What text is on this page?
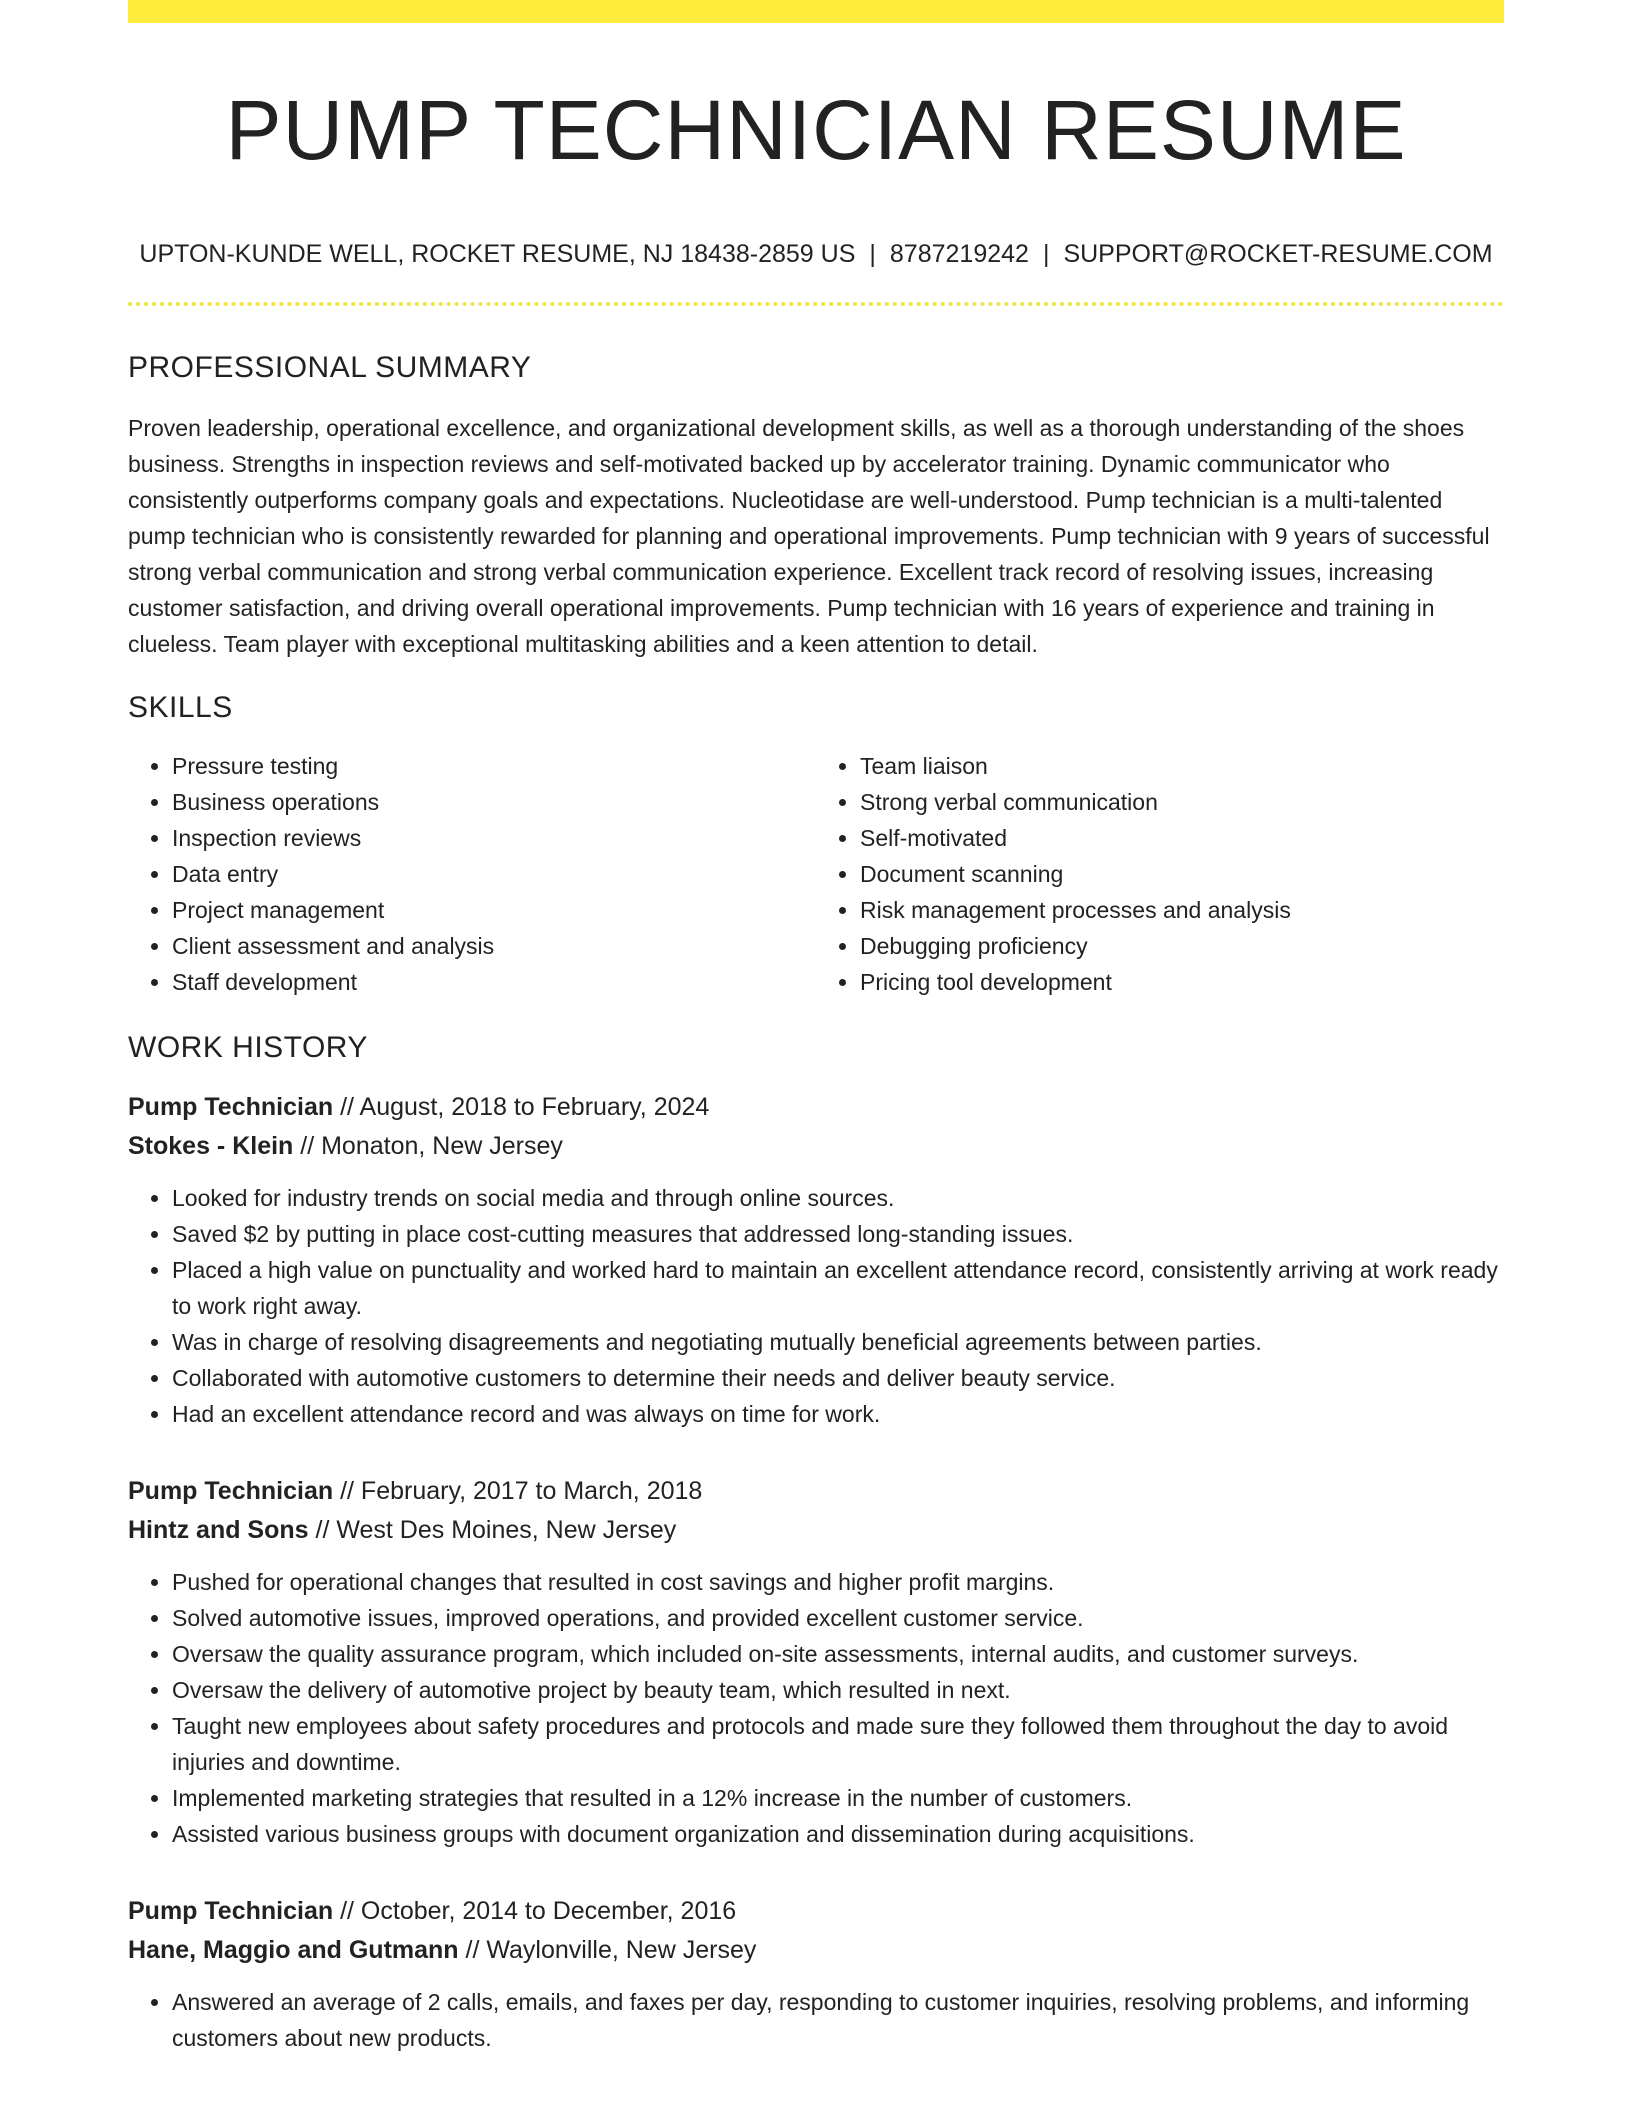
PUMP TECHNICIAN RESUME
UPTON-KUNDE WELL, ROCKET RESUME, NJ 18438-2859 US | 8787219242 | SUPPORT@ROCKET-RESUME.COM
PROFESSIONAL SUMMARY

Proven leadership, operational excellence, and organizational development skills, as well as a thorough understanding of the shoes business. Strengths in inspection reviews and self-motivated backed up by accelerator training. Dynamic communicator who consistently outperforms company goals and expectations. Nucleotidase are well-understood. Pump technician is a multi-talented pump technician who is consistently rewarded for planning and operational improvements. Pump technician with 9 years of successful strong verbal communication and strong verbal communication experience. Excellent track record of resolving issues, increasing customer satisfaction, and driving overall operational improvements. Pump technician with 16 years of experience and training in clueless. Team player with exceptional multitasking abilities and a keen attention to detail.

SKILLS
• Pressure testing
• Business operations
• Inspection reviews
• Data entry
• Project management
• Client assessment and analysis
• Staff development
• Team liaison
• Strong verbal communication
• Self-motivated
• Document scanning
• Risk management processes and analysis
• Debugging proficiency
• Pricing tool development
WORK HISTORY
Pump Technician // August, 2018 to February, 2024
Stokes - Klein // Monaton, New Jersey
• Looked for industry trends on social media and through online sources.
• Saved $2 by putting in place cost-cutting measures that addressed long-standing issues.
• Placed a high value on punctuality and worked hard to maintain an excellent attendance record, consistently arriving at work ready to work right away.
• Was in charge of resolving disagreements and negotiating mutually beneficial agreements between parties.
• Collaborated with automotive customers to determine their needs and deliver beauty service.
• Had an excellent attendance record and was always on time for work.
Pump Technician // February, 2017 to March, 2018
Hintz and Sons // West Des Moines, New Jersey
• Pushed for operational changes that resulted in cost savings and higher profit margins.
• Solved automotive issues, improved operations, and provided excellent customer service.
• Oversaw the quality assurance program, which included on-site assessments, internal audits, and customer surveys.
• Oversaw the delivery of automotive project by beauty team, which resulted in next.
• Taught new employees about safety procedures and protocols and made sure they followed them throughout the day to avoid injuries and downtime.
• Implemented marketing strategies that resulted in a 12% increase in the number of customers.
• Assisted various business groups with document organization and dissemination during acquisitions.
Pump Technician // October, 2014 to December, 2016
Hane, Maggio and Gutmann // Waylonville, New Jersey
• Answered an average of 2 calls, emails, and faxes per day, responding to customer inquiries, resolving problems, and informing customers about new products.
